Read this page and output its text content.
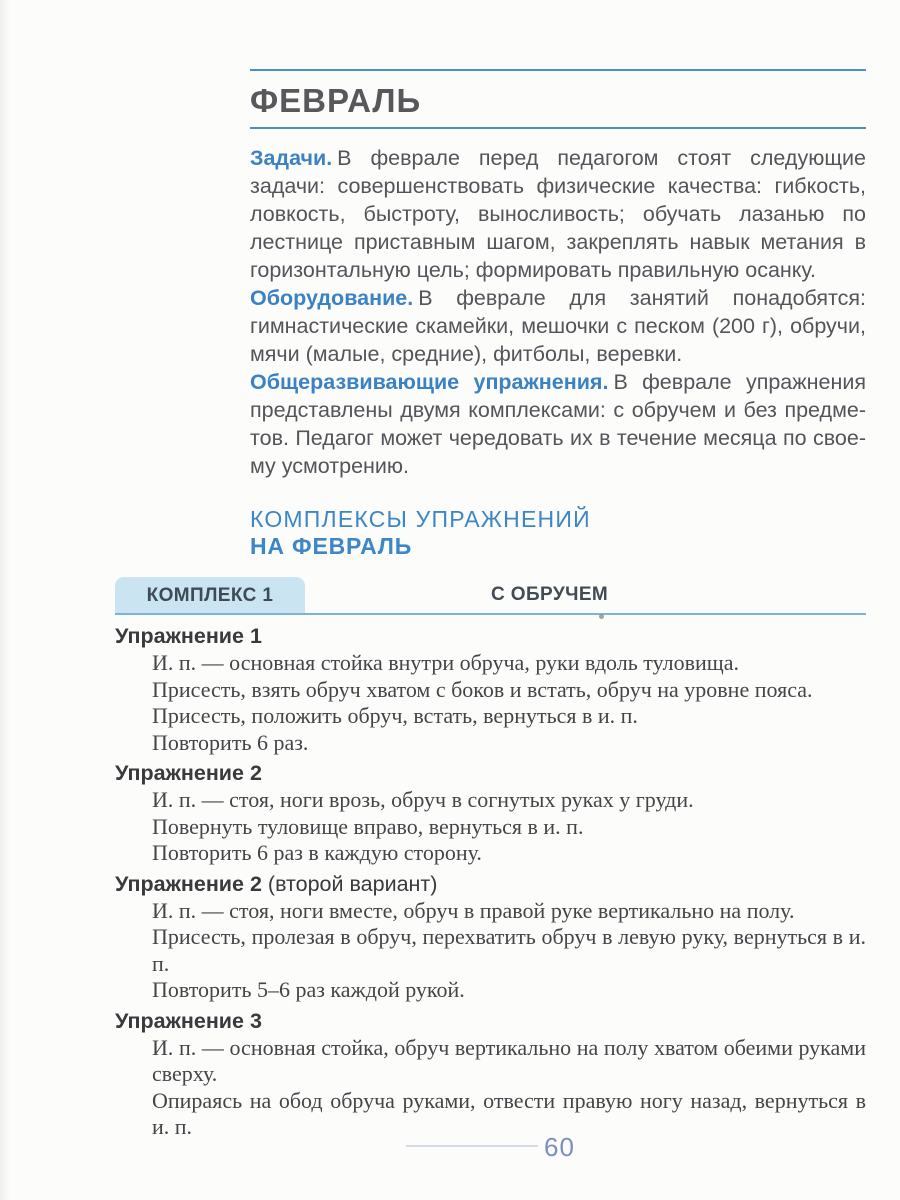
ФЕВРАЛЬ

Задачи. В феврале перед педагогом стоят следующие задачи: совершенствовать физические качества: гибкость, ловкость, быстроту, выносливость; обучать лазанью по лестнице приставным шагом, закреплять навык метания в горизонтальную цель; формировать правильную осанку.

Оборудование. В феврале для занятий понадобятся: гимнастические скамейки, мешочки с песком (200 г), обручи, мячи (малые, средние), фитболы, веревки.

Общеразвивающие упражнения. В феврале упражнения представлены двумя комплексами: с обручем и без предметов. Педагог может чередовать их в течение месяца по своему усмотрению.

КОМПЛЕКСЫ УПРАЖНЕНИЙ
НА ФЕВРАЛЬ
КОМПЛЕКС 1	С ОБРУЧЕМ
Упражнение 1

И. п. — основная стойка внутри обруча, руки вдоль туловища.

Присесть, взять обруч хватом с боков и встать, обруч на уровне пояса.

Присесть, положить обруч, встать, вернуться в и. п.

Повторить 6 раз.

Упражнение 2

И. п. — стоя, ноги врозь, обруч в согнутых руках у груди.

Повернуть туловище вправо, вернуться в и. п.

Повторить 6 раз в каждую сторону.

Упражнение 2 (второй вариант)

И. п. — стоя, ноги вместе, обруч в правой руке вертикально на полу.

Присесть, пролезая в обруч, перехватить обруч в левую руку, вернуться в и. п.

Повторить 5–6 раз каждой рукой.

Упражнение 3

И. п. — основная стойка, обруч вертикально на полу хватом обеими руками сверху.

Опираясь на обод обруча руками, отвести правую ногу назад, вернуться в и. п.

60
